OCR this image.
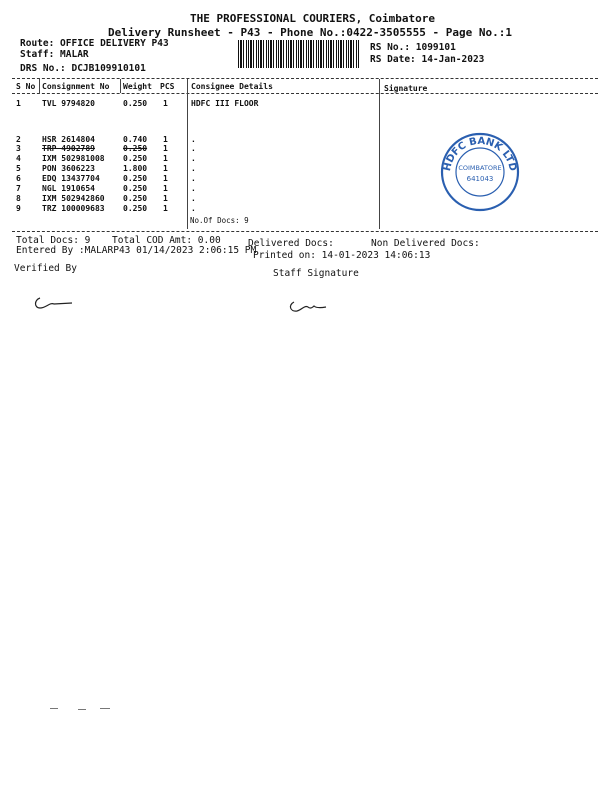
THE PROFESSIONAL COURIERS, Coimbatore
Delivery Runsheet - P43 - Phone No.:0422-3505555 - Page No.:1
Route: OFFICE DELIVERY P43
Staff: MALAR
DRS No.: DCJB109910101
RS No.: 1099101
RS Date: 14-Jan-2023
S No Consignment No Weight PCS Consignee Details	Signature
1	TVL 9794820	0.250 1	HDFC III FLOOR
2	HSR 2614804	0.740 1	.
3	TRP 4902789	0.250 1	.
4	IXM 502981008 0.250 1	.
5	PON 3606223	1.800 1	.
6	EDQ 13437704	0.250 1	.
7	NGL 1910654	0.250 1	.
8	IXM 502942860 0.250 1	.
9	TRZ 100009683 0.250 1	.
No.Of Docs: 9
HDFC BANK LTD
COIMBATORE
641043
Total Docs: 9 Total COD Amt: 0.00	Delivered Docs:	Non Delivered Docs:
Entered By :MALARP43 01/14/2023 2:06:15 PM
Printed on: 14-01-2023 14:06:13
Verified By	Staff Signature
